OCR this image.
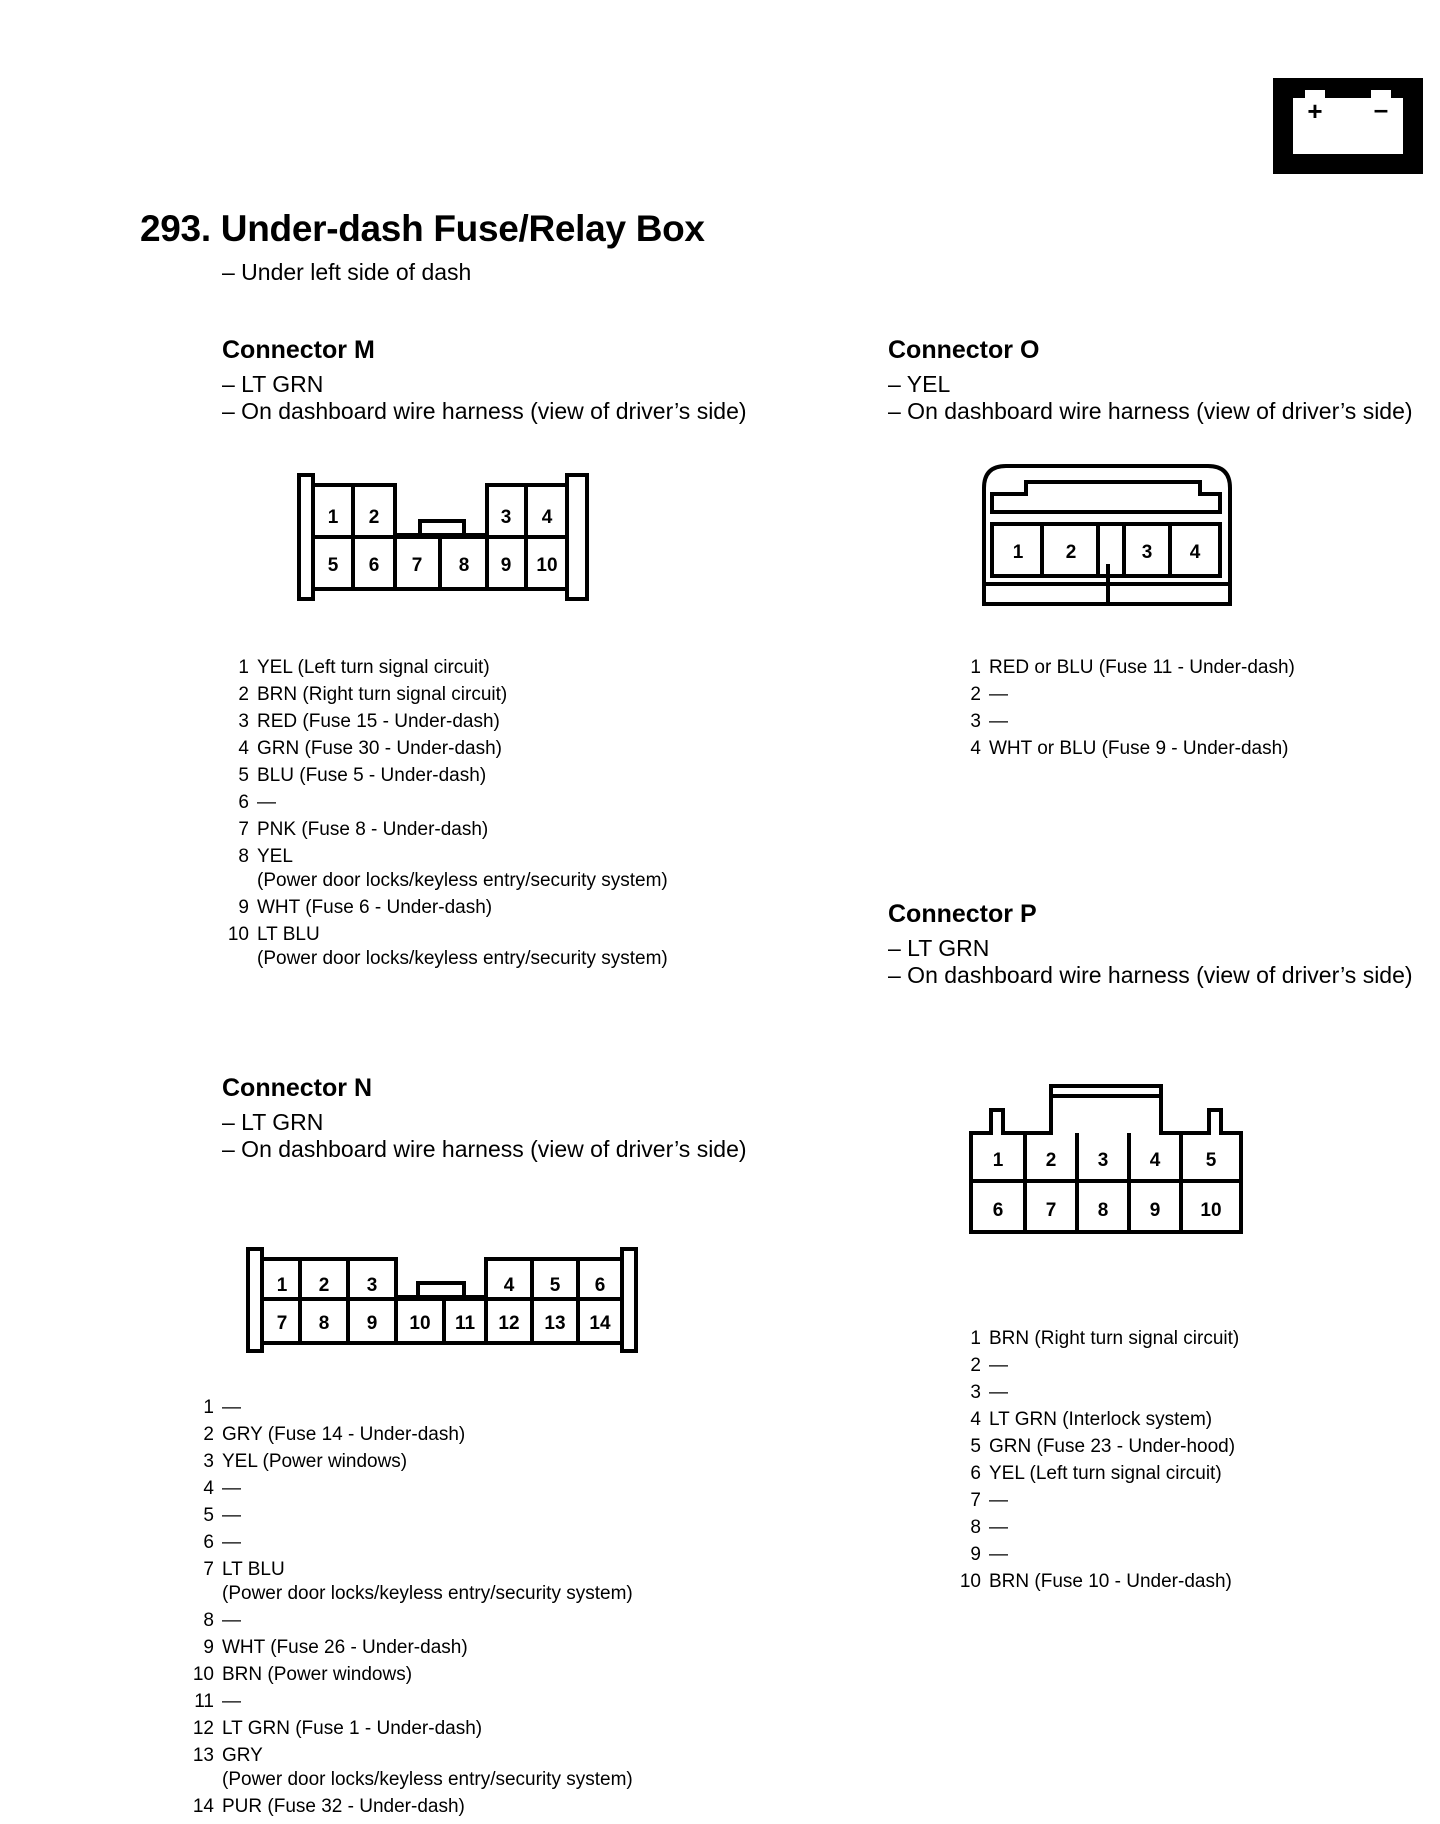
+ –
293. Under-dash Fuse/Relay Box
– Under left side of dash
Connector M
– LT GRN
– On dashboard wire harness (view of driver’s side)
1 2	3 4
5 6 7 8 9 10
1 YEL (Left turn signal circuit)
2 BRN (Right turn signal circuit)
3 RED (Fuse 15 - Under-dash)
4 GRN (Fuse 30 - Under-dash)
5 BLU (Fuse 5 - Under-dash)
6 —
7 PNK (Fuse 8 - Under-dash)
8 YEL
(Power door locks/keyless entry/security system)
9 WHT (Fuse 6 - Under-dash)
10 LT BLU
(Power door locks/keyless entry/security system)
Connector N
– LT GRN
– On dashboard wire harness (view of driver’s side)
1 2 3	4 5 6
7 8 9 10 11 12 13 14
1 —
2 GRY (Fuse 14 - Under-dash)
3 YEL (Power windows)
4 —
5 —
6 —
7 LT BLU
(Power door locks/keyless entry/security system)
8 —
9 WHT (Fuse 26 - Under-dash)
10 BRN (Power windows)
11 —
12 LT GRN (Fuse 1 - Under-dash)
13 GRY
(Power door locks/keyless entry/security system)
14 PUR (Fuse 32 - Under-dash)
Connector O
– YEL
– On dashboard wire harness (view of driver’s side)
1 2	3 4
1 RED or BLU (Fuse 11 - Under-dash)
2 —
3 —
4 WHT or BLU (Fuse 9 - Under-dash)
Connector P
– LT GRN
– On dashboard wire harness (view of driver’s side)
1 2 3 4 5
6 7 8 9 10
1 BRN (Right turn signal circuit)
2 —
3 —
4 LT GRN (Interlock system)
5 GRN (Fuse 23 - Under-hood)
6 YEL (Left turn signal circuit)
7 —
8 —
9 —
10 BRN (Fuse 10 - Under-dash)
